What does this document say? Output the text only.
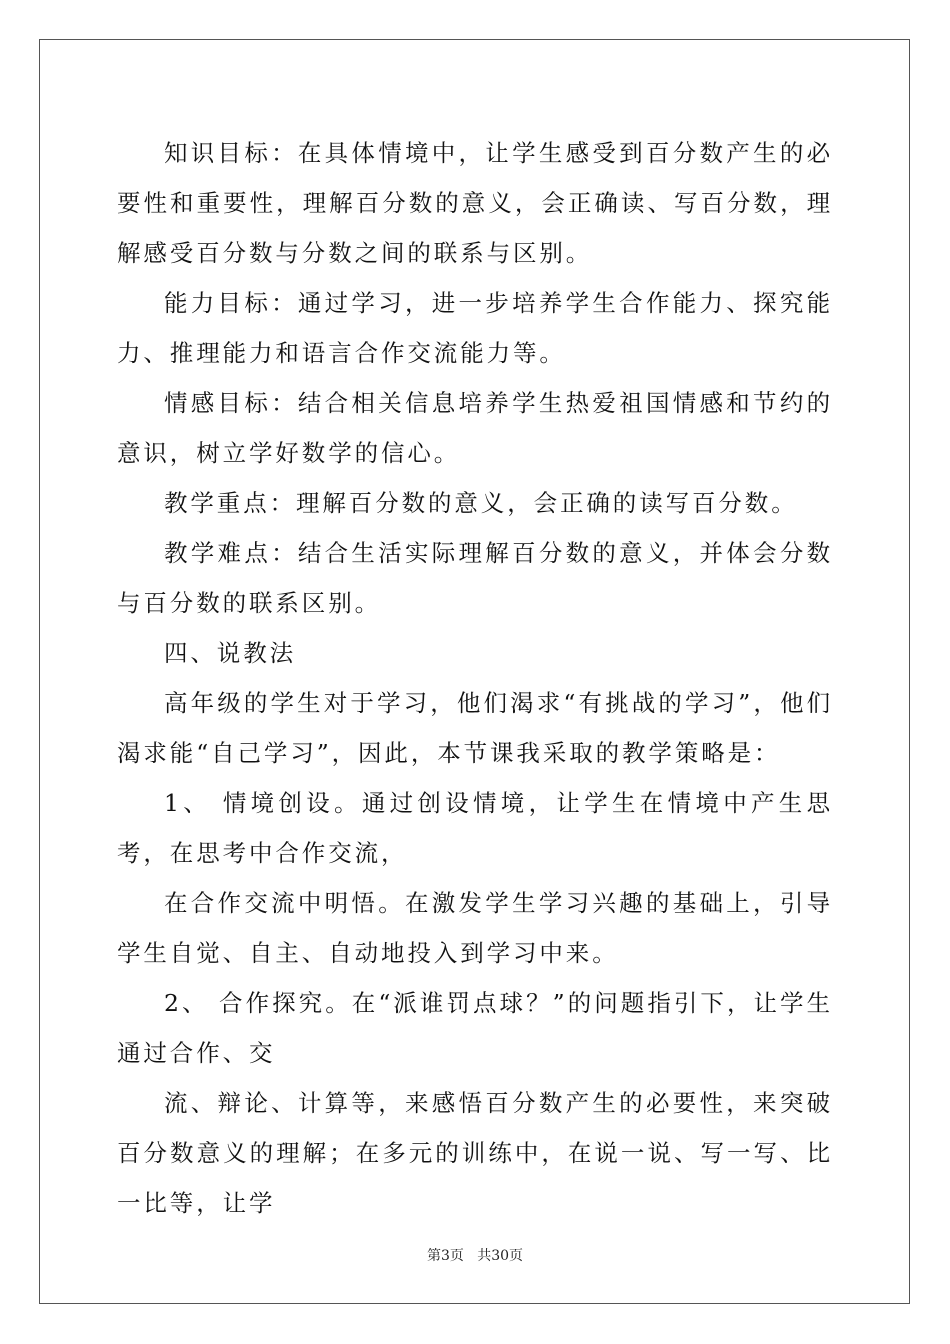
知识目标：在具体情境中，让学生感受到百分数产生的必要性和重要性，理解百分数的意义，会正确读、写百分数，理解感受百分数与分数之间的联系与区别。

能力目标：通过学习，进一步培养学生合作能力、探究能力、推理能力和语言合作交流能力等。

情感目标：结合相关信息培养学生热爱祖国情感和节约的意识，树立学好数学的信心。

教学重点：理解百分数的意义，会正确的读写百分数。

教学难点：结合生活实际理解百分数的意义，并体会分数与百分数的联系区别。

四、说教法

高年级的学生对于学习，他们渴求“有挑战的学习”，他们渴求能“自己学习”，因此，本节课我采取的教学策略是：

1、 情境创设。通过创设情境，让学生在情境中产生思考，在思考中合作交流，

在合作交流中明悟。在激发学生学习兴趣的基础上，引导学生自觉、自主、自动地投入到学习中来。

2、 合作探究。在“派谁罚点球？”的问题指引下，让学生通过合作、交

流、辩论、计算等，来感悟百分数产生的必要性，来突破百分数意义的理解；在多元的训练中，在说一说、写一写、比一比等，让学

第3页   共30页
